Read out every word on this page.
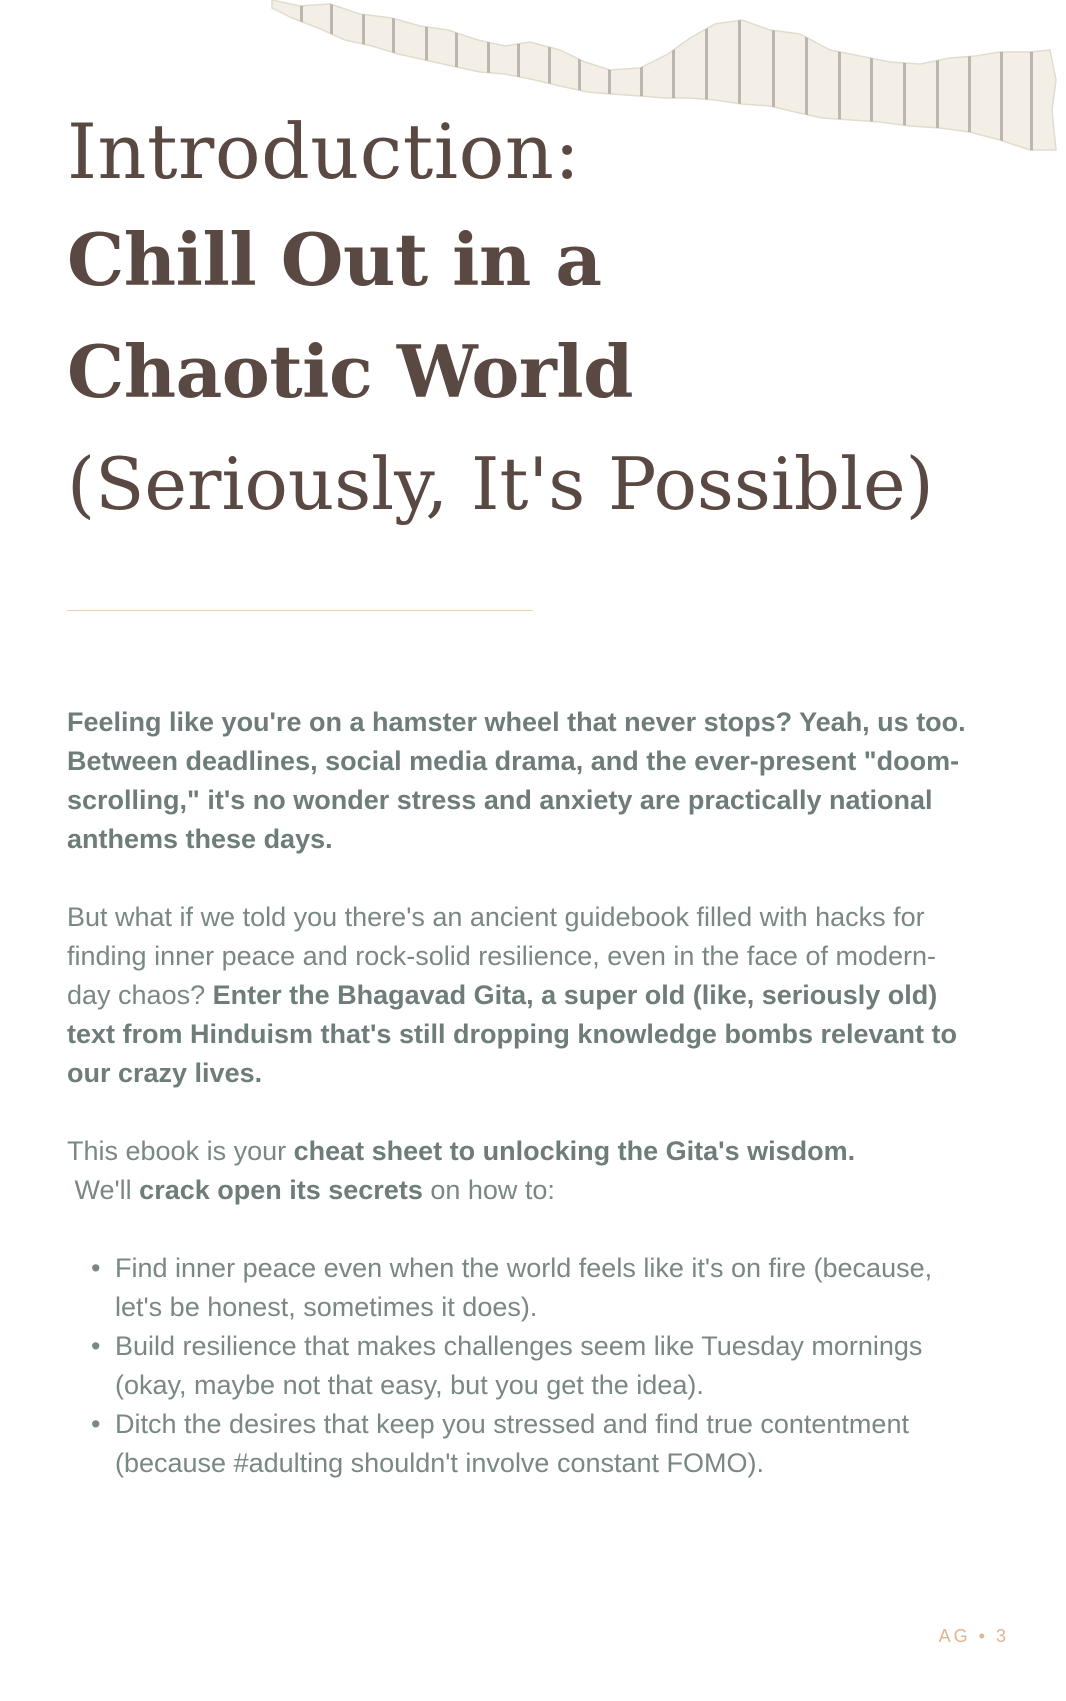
Introduction:
Chill Out in a
Chaotic World
(Seriously, It's Possible)

Feeling like you're on a hamster wheel that never stops? Yeah, us too. Between deadlines, social media drama, and the ever-present "doom-scrolling," it's no wonder stress and anxiety are practically national anthems these days.

But what if we told you there's an ancient guidebook filled with hacks for finding inner peace and rock-solid resilience, even in the face of modern-day chaos? Enter the Bhagavad Gita, a super old (like, seriously old) text from Hinduism that's still dropping knowledge bombs relevant to our crazy lives.

This ebook is your cheat sheet to unlocking the Gita's wisdom.
We'll crack open its secrets on how to:

• Find inner peace even when the world feels like it's on fire (because, let's be honest, sometimes it does).
• Build resilience that makes challenges seem like Tuesday mornings (okay, maybe not that easy, but you get the idea).
• Ditch the desires that keep you stressed and find true contentment (because #adulting shouldn't involve constant FOMO).
AG • 3
